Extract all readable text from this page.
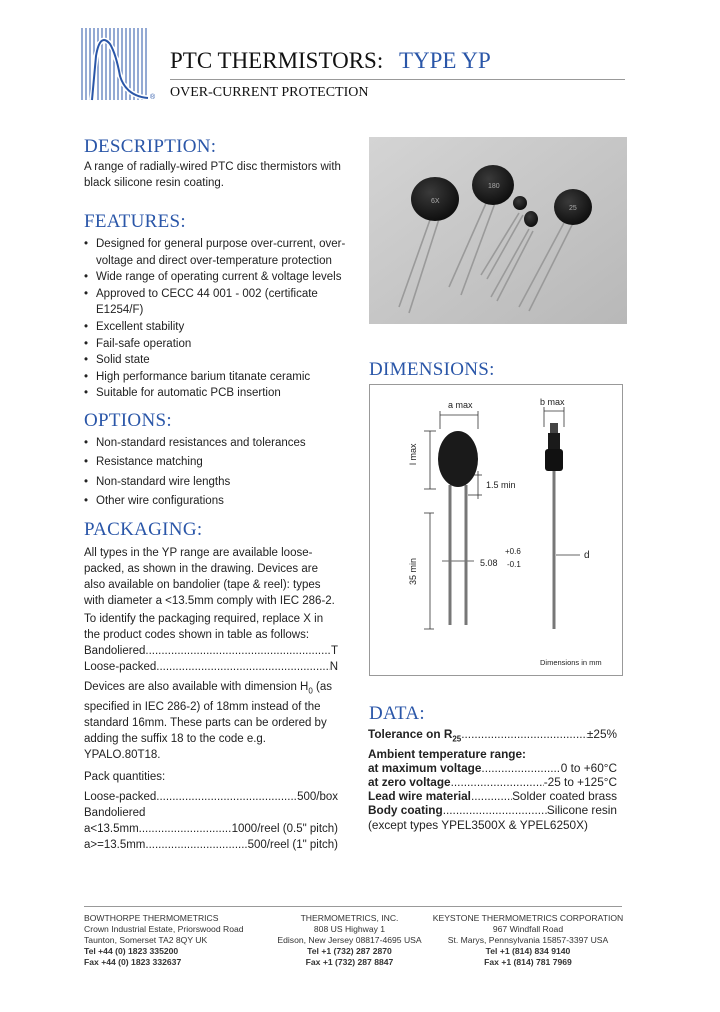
®
PTC THERMISTORS: TYPE YP
OVER-CURRENT PROTECTION
DESCRIPTION:
A range of radially-wired PTC disc thermistors with black silicone resin coating.
FEATURES:
• Designed for general purpose over-current, over-voltage and direct over-temperature protection
• Wide range of operating current & voltage levels
• Approved to CECC 44 001 - 002 (certificate E1254/F)
• Excellent stability
• Fail-safe operation
• Solid state
• High performance barium titanate ceramic
• Suitable for automatic PCB insertion
OPTIONS:
• Non-standard resistances and tolerances
• Resistance matching
• Non-standard wire lengths
• Other wire configurations
PACKAGING:
All types in the YP range are available loose-packed, as shown in the drawing. Devices are also available on bandolier (tape & reel): types with diameter a <13.5mm comply with IEC 286-2.
To identify the packaging required, replace X in the product codes shown in table as follows:
Bandoliered .....	T
Loose-packed .....	N
Devices are also available with dimension $H_0$ (as specified in IEC 286-2) of 18mm instead of the standard 16mm. These parts can be ordered by adding the suffix 18 to the code e.g. YPALO.80T18.
Pack quantities:
Loose-packed .....	500/box
Bandoliered
a<13.5mm .....	1000/reel (0.5" pitch)
a>=13.5mm .....	500/reel (1" pitch)
6X
180
25
DIMENSIONS:
a max	b max
l max
1.5 min
35 min	5.08
+0.6
-0.1
d
Dimensions in mm
DATA:
Tolerance on $R_{25}$ .....	±25%
Ambient temperature range:
at maximum voltage .....	0 to +60°C
at zero voltage .....	-25 to +125°C
Lead wire material .....	Solder coated brass
Body coating .....	Silicone resin
(except types YPEL3500X & YPEL6250X)
BOWTHORPE THERMOMETRICS
Crown Industrial Estate, Priorswood Road
Taunton, Somerset TA2 8QY UK
Tel +44 (0) 1823 335200
Fax +44 (0) 1823 332637
THERMOMETRICS, INC.
808 US Highway 1
Edison, New Jersey 08817-4695 USA
Tel +1 (732) 287 2870
Fax +1 (732) 287 8847
KEYSTONE THERMOMETRICS CORPORATION
967 Windfall Road
St. Marys, Pennsylvania 15857-3397 USA
Tel +1 (814) 834 9140
Fax +1 (814) 781 7969
